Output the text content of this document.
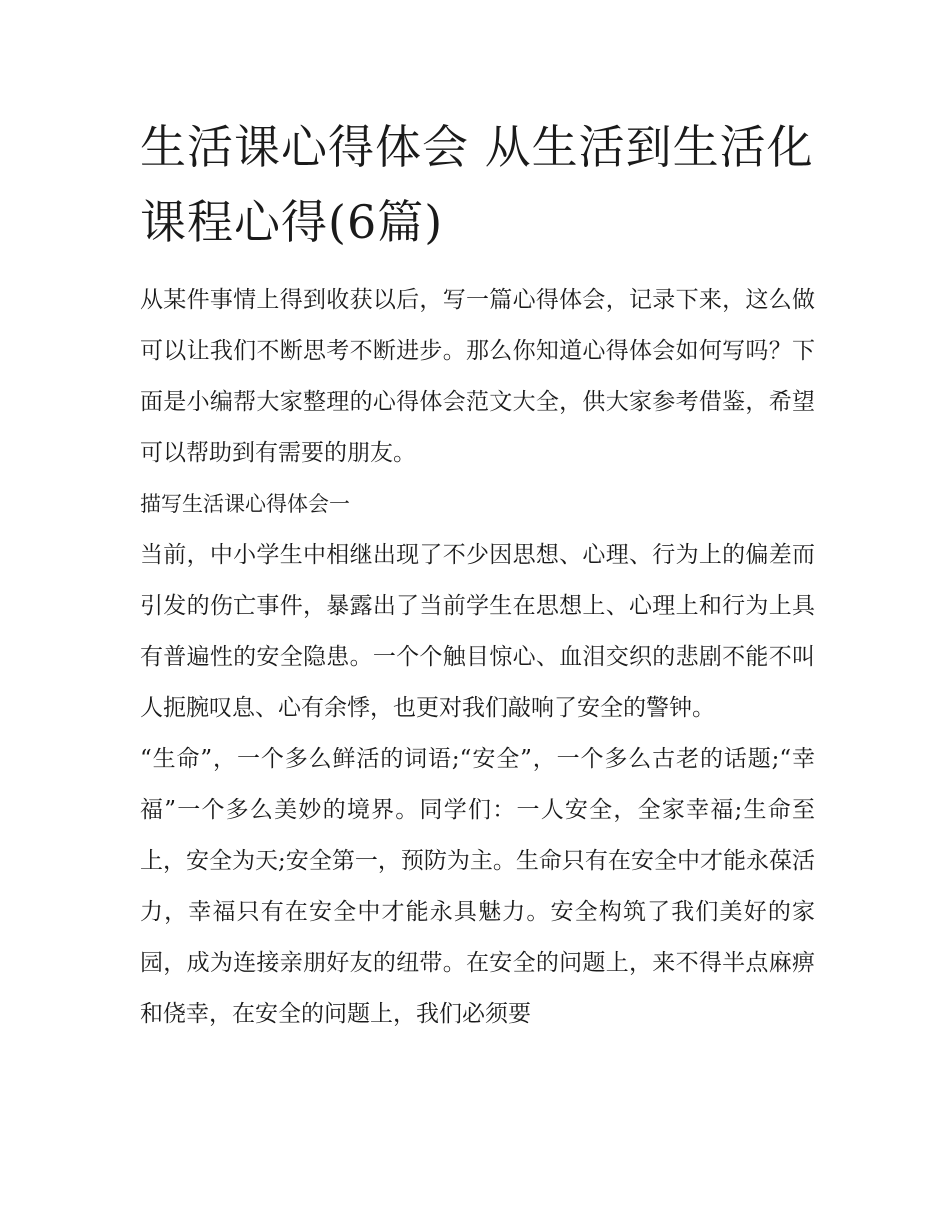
生活课心得体会 从生活到生活化课程心得(6篇)

从某件事情上得到收获以后，写一篇心得体会，记录下来，这么做可以让我们不断思考不断进步。那么你知道心得体会如何写吗？下面是小编帮大家整理的心得体会范文大全，供大家参考借鉴，希望可以帮助到有需要的朋友。

描写生活课心得体会一

当前，中小学生中相继出现了不少因思想、心理、行为上的偏差而引发的伤亡事件，暴露出了当前学生在思想上、心理上和行为上具有普遍性的安全隐患。一个个触目惊心、血泪交织的悲剧不能不叫人扼腕叹息、心有余悸，也更对我们敲响了安全的警钟。

“生命”，一个多么鲜活的词语;“安全”，一个多么古老的话题;“幸福”一个多么美妙的境界。同学们：一人安全，全家幸福;生命至上，安全为天;安全第一，预防为主。生命只有在安全中才能永葆活力，幸福只有在安全中才能永具魅力。安全构筑了我们美好的家园，成为连接亲朋好友的纽带。在安全的问题上，来不得半点麻痹和侥幸，在安全的问题上，我们必须要
